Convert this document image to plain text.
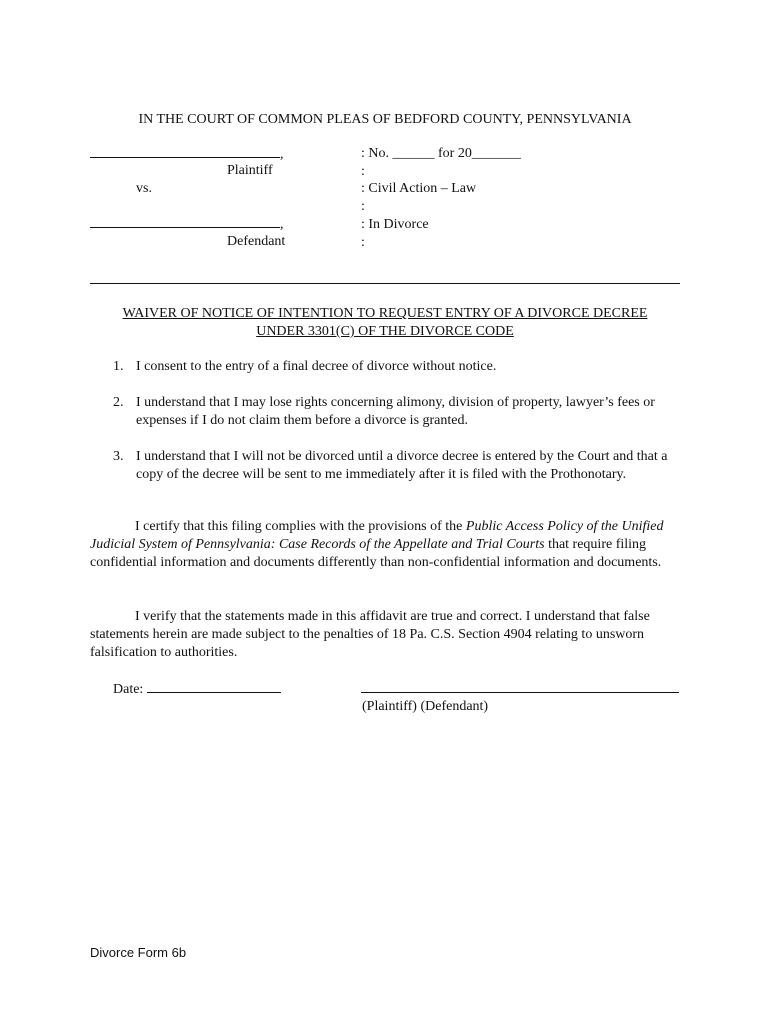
IN THE COURT OF COMMON PLEAS OF BEDFORD COUNTY, PENNSYLVANIA
,
Plaintiff
vs.
,
Defendant
: No. ______ for 20_______
:
: Civil Action – Law
:
: In Divorce
:
WAIVER OF NOTICE OF INTENTION TO REQUEST ENTRY OF A DIVORCE DECREE
UNDER 3301(C) OF THE DIVORCE CODE
1. I consent to the entry of a final decree of divorce without notice.
2. I understand that I may lose rights concerning alimony, division of property, lawyer’s fees or expenses if I do not claim them before a divorce is granted.
3. I understand that I will not be divorced until a divorce decree is entered by the Court and that a copy of the decree will be sent to me immediately after it is filed with the Prothonotary.
I certify that this filing complies with the provisions of the Public Access Policy of the Unified Judicial System of Pennsylvania: Case Records of the Appellate and Trial Courts that require filing confidential information and documents differently than non-confidential information and documents.
I verify that the statements made in this affidavit are true and correct. I understand that false statements herein are made subject to the penalties of 18 Pa. C.S. Section 4904 relating to unsworn falsification to authorities.
Date:
(Plaintiff) (Defendant)
Divorce Form 6b
